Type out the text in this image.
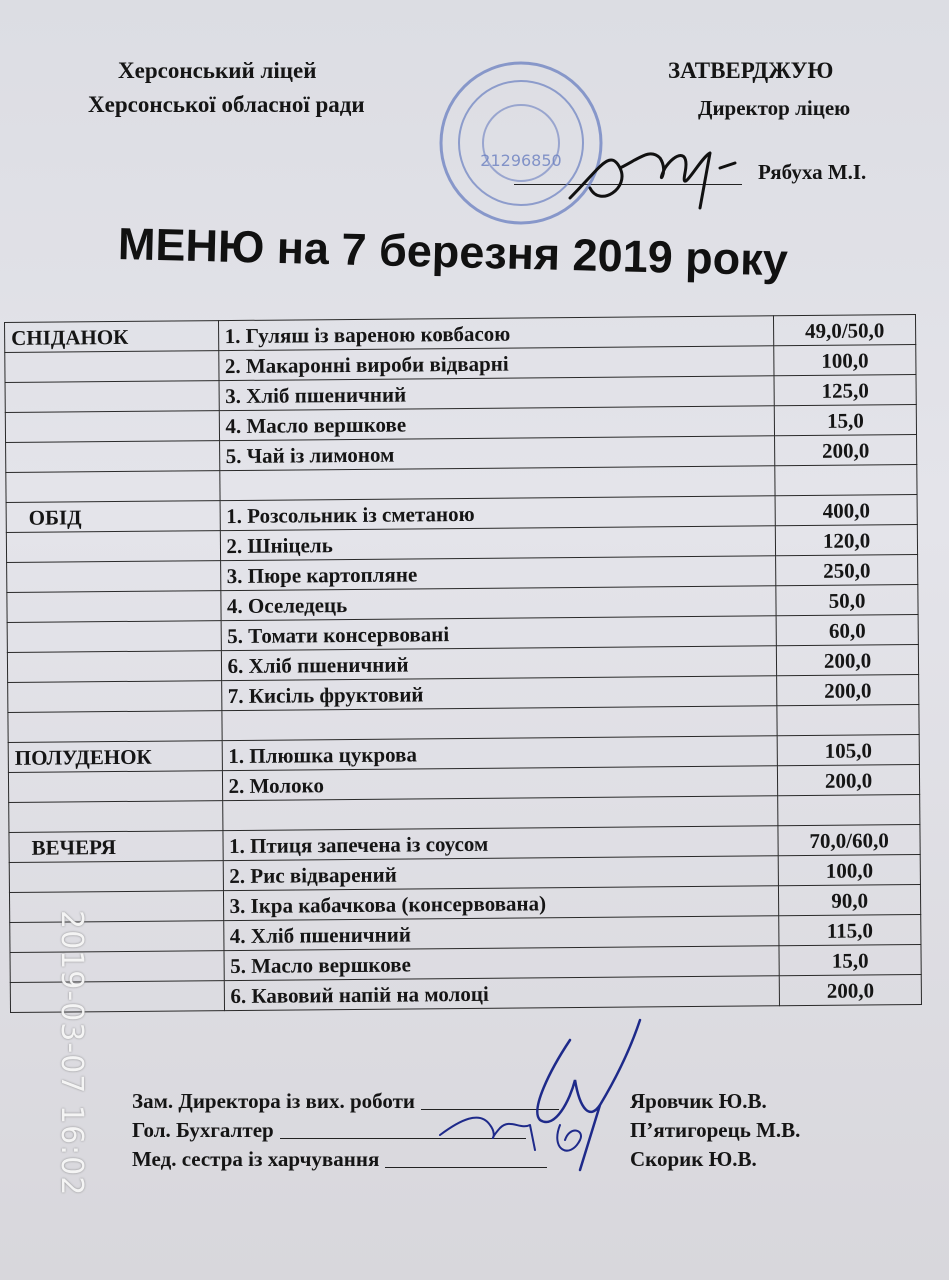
Херсонський ліцей
Херсонської обласної ради
ЗАТВЕРДЖУЮ
Директор ліцею
Рябуха М.І.
21296850
МЕНЮ на 7 березня 2019 року
СНІДАНОК	1. Гуляш із вареною ковбасою	49,0/50,0
	2. Макаронні вироби відварні	100,0
	3. Хліб пшеничний	125,0
	4. Масло вершкове	15,0
	5. Чай із лимоном	200,0

ОБІД	1. Розсольник із сметаною	400,0
	2. Шніцель	120,0
	3. Пюре картопляне	250,0
	4. Оселедець	50,0
	5. Томати консервовані	60,0
	6. Хліб пшеничний	200,0
	7. Кисіль фруктовий	200,0

ПОЛУДЕНОК	1. Плюшка цукрова	105,0
	2. Молоко	200,0

ВЕЧЕРЯ	1. Птиця запечена із соусом	70,0/60,0
	2. Рис відварений	100,0
	3. Ікра кабачкова (консервована)	90,0
	4. Хліб пшеничний	115,0
	5. Масло вершкове	15,0
	6. Кавовий напій на молоці	200,0
Зам. Директора із вих. роботи	Яровчик Ю.В.
Гол. Бухгалтер	П’ятигорець М.В.
Мед. сестра із харчування	Скорик Ю.В.
2019-03-07 16:02
